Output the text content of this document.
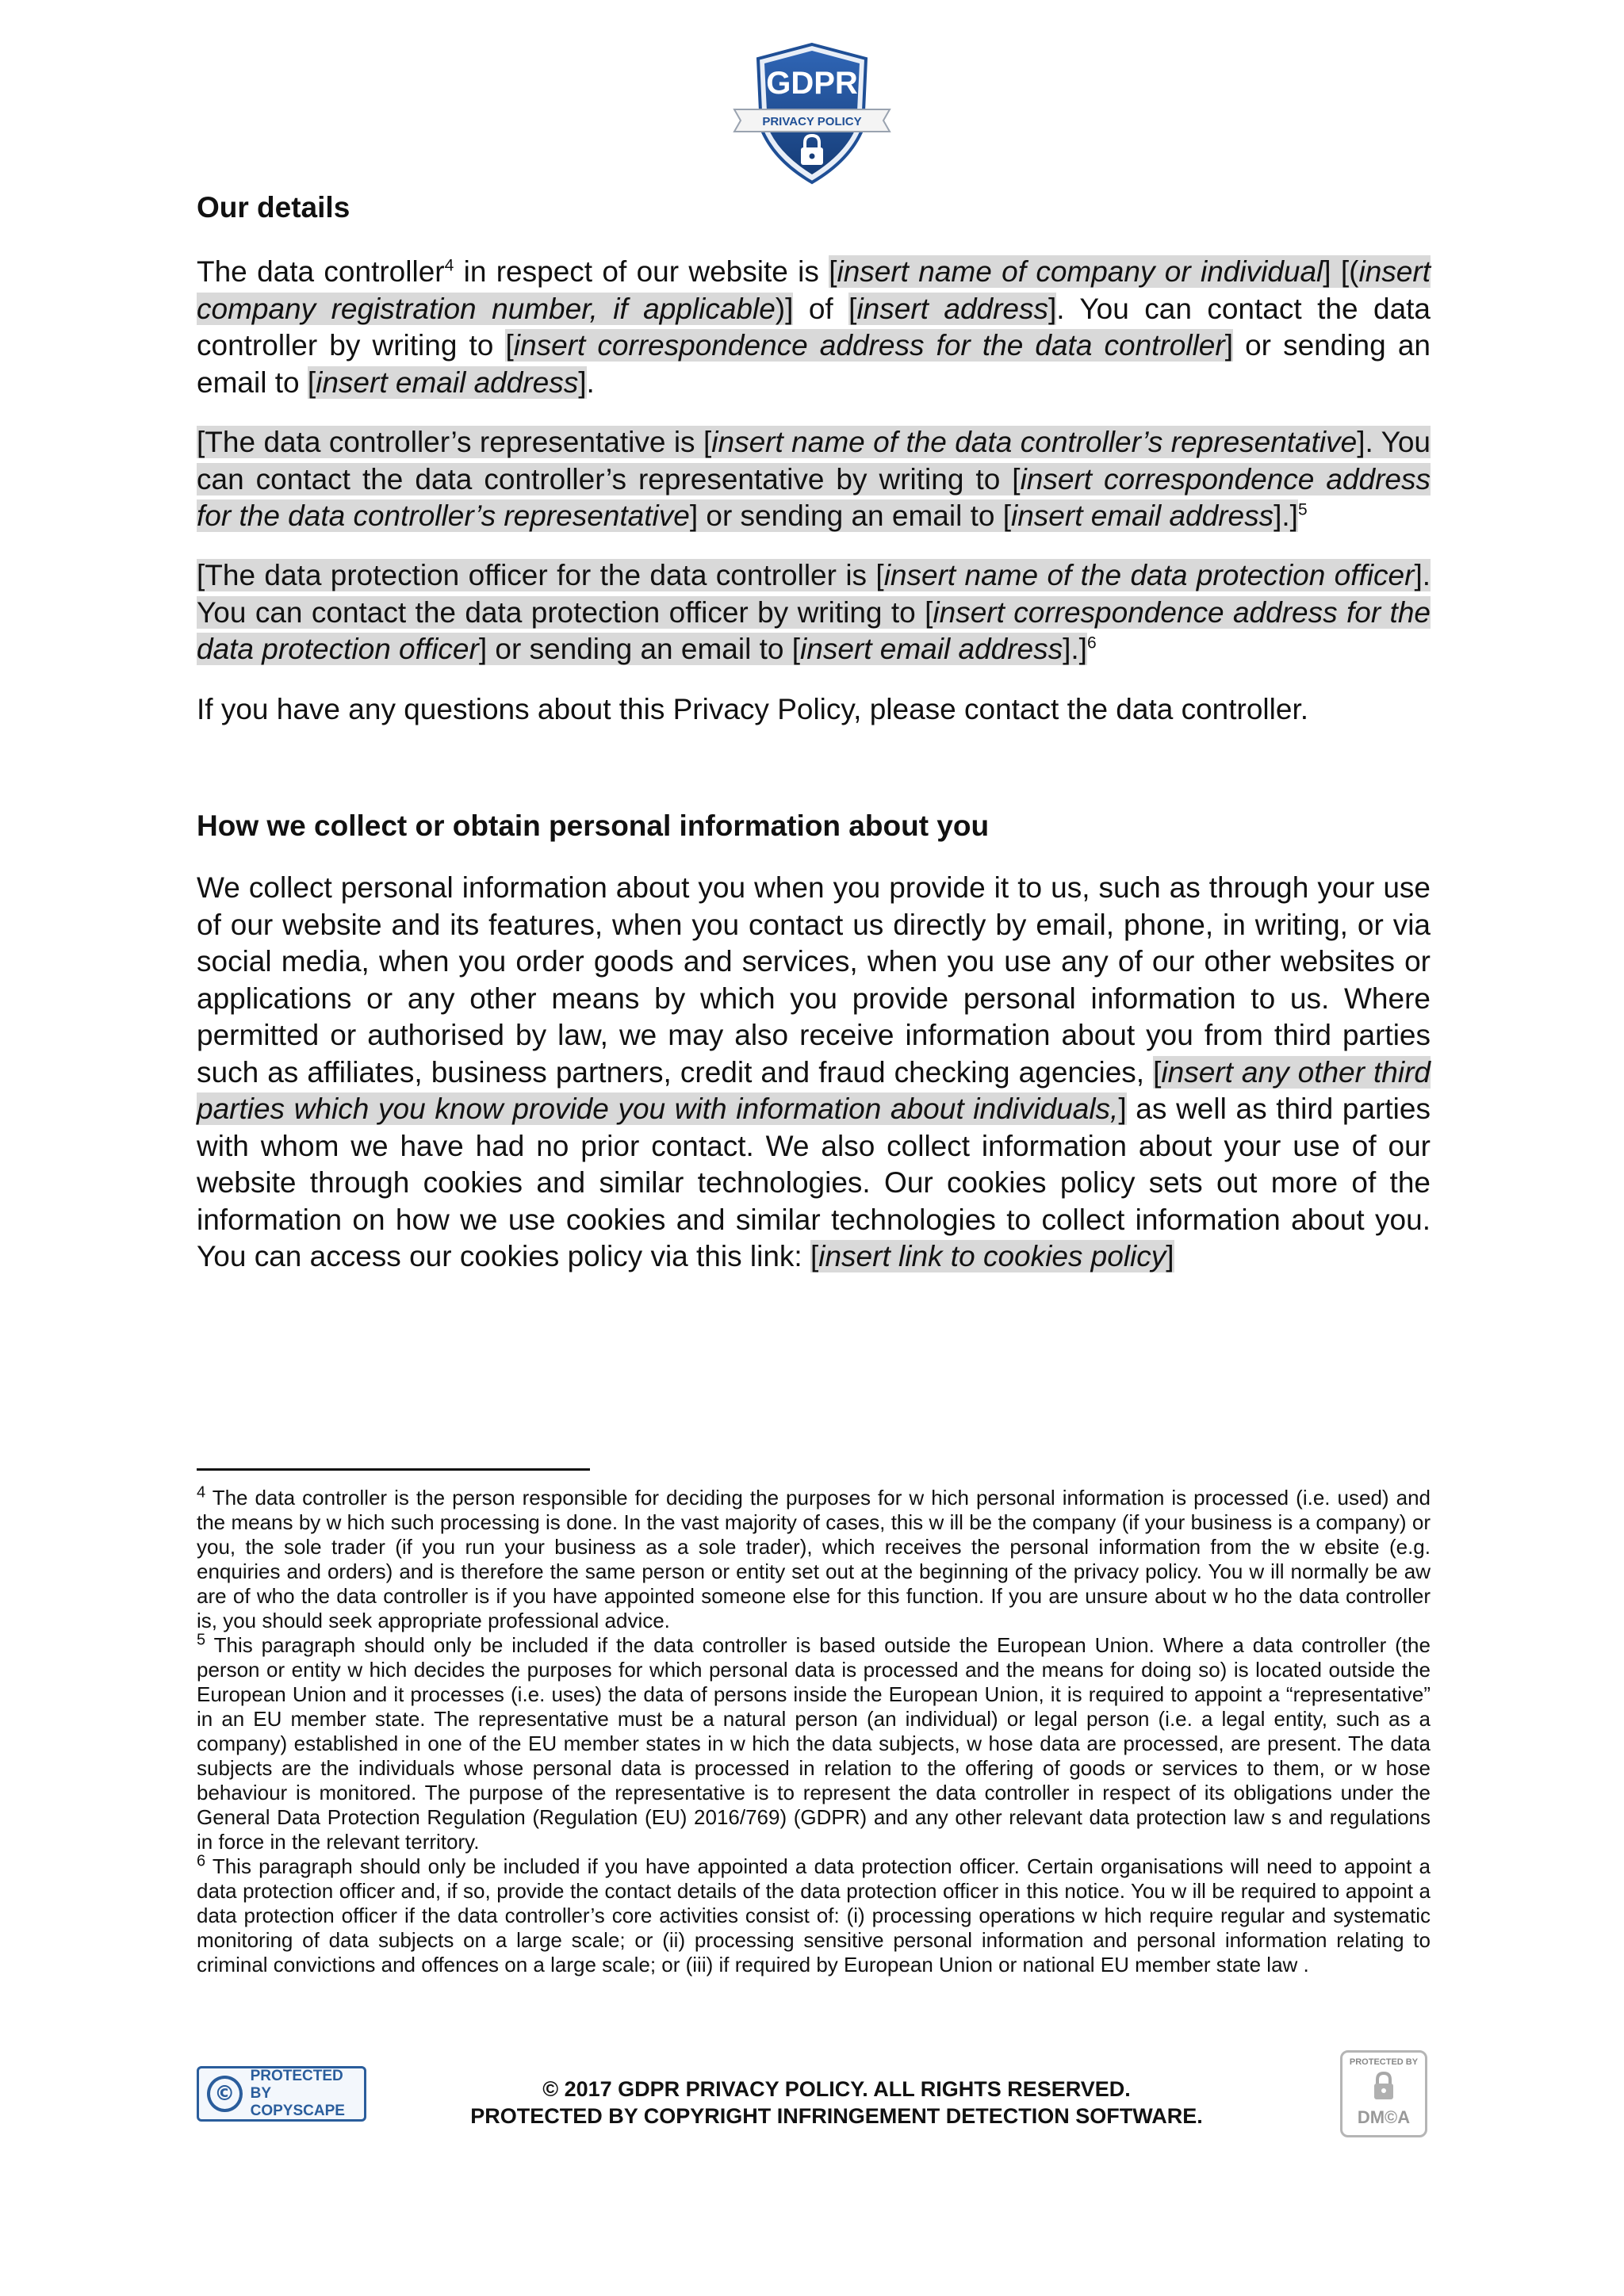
GDPR
PRIVACY POLICY
Our details

The data controller$^4$ in respect of our website is [insert name of company or individual] [(insert company registration number, if applicable)] of [insert address]. You can contact the data controller by writing to [insert correspondence address for the data controller] or sending an email to [insert email address].

[The data controller’s representative is [insert name of the data controller’s representative]. You can contact the data controller’s representative by writing to [insert correspondence address for the data controller’s representative] or sending an email to [insert email address].]$^5$

[The data protection officer for the data controller is [insert name of the data protection officer]. You can contact the data protection officer by writing to [insert correspondence address for the data protection officer] or sending an email to [insert email address].]$^6$

If you have any questions about this Privacy Policy, please contact the data controller.

How we collect or obtain personal information about you

We collect personal information about you when you provide it to us, such as through your use of our website and its features, when you contact us directly by email, phone, in writing, or via social media, when you order goods and services, when you use any of our other websites or applications or any other means by which you provide personal information to us. Where permitted or authorised by law, we may also receive information about you from third parties such as affiliates, business partners, credit and fraud checking agencies, [insert any other third parties which you know provide you with information about individuals,] as well as third parties with whom we have had no prior contact. We also collect information about your use of our website through cookies and similar technologies. Our cookies policy sets out more of the information on how we use cookies and similar technologies to collect information about you. You can access our cookies policy via this link: [insert link to cookies policy]

$^4$ The data controller is the person responsible for deciding the purposes for w hich personal information is processed (i.e. used) and the means by w hich such processing is done. In the vast majority of cases, this w ill be the company (if your business is a company) or you, the sole trader (if you run your business as a sole trader), which receives the personal information from the w ebsite (e.g. enquiries and orders) and is therefore the same person or entity set out at the beginning of the privacy policy. You w ill normally be aw are of who the data controller is if you have appointed someone else for this function. If you are unsure about w ho the data controller is, you should seek appropriate professional advice.

$^5$ This paragraph should only be included if the data controller is based outside the European Union. Where a data controller (the person or entity w hich decides the purposes for which personal data is processed and the means for doing so) is located outside the European Union and it processes (i.e. uses) the data of persons inside the European Union, it is required to appoint a “representative” in an EU member state. The representative must be a natural person (an individual) or legal person (i.e. a legal entity, such as a company) established in one of the EU member states in w hich the data subjects, w hose data are processed, are present. The data subjects are the individuals whose personal data is processed in relation to the offering of goods or services to them, or w hose behaviour is monitored. The purpose of the representative is to represent the data controller in respect of its obligations under the General Data Protection Regulation (Regulation (EU) 2016/769) (GDPR) and any other relevant data protection law s and regulations in force in the relevant territory.

$^6$ This paragraph should only be included if you have appointed a data protection officer. Certain organisations will need to appoint a data protection officer and, if so, provide the contact details of the data protection officer in this notice. You w ill be required to appoint a data protection officer if the data controller’s core activities consist of: (i) processing operations w hich require regular and systematic monitoring of data subjects on a large scale; or (ii) processing sensitive personal information and personal information relating to criminal convictions and offences on a large scale; or (iii) if required by European Union or national EU member state law .

©
PROTECTED BY
COPYSCAPE
© 2017 GDPR PRIVACY POLICY. ALL RIGHTS RESERVED.
PROTECTED BY COPYRIGHT INFRINGEMENT DETECTION SOFTWARE.
PROTECTED BY
DM©A
